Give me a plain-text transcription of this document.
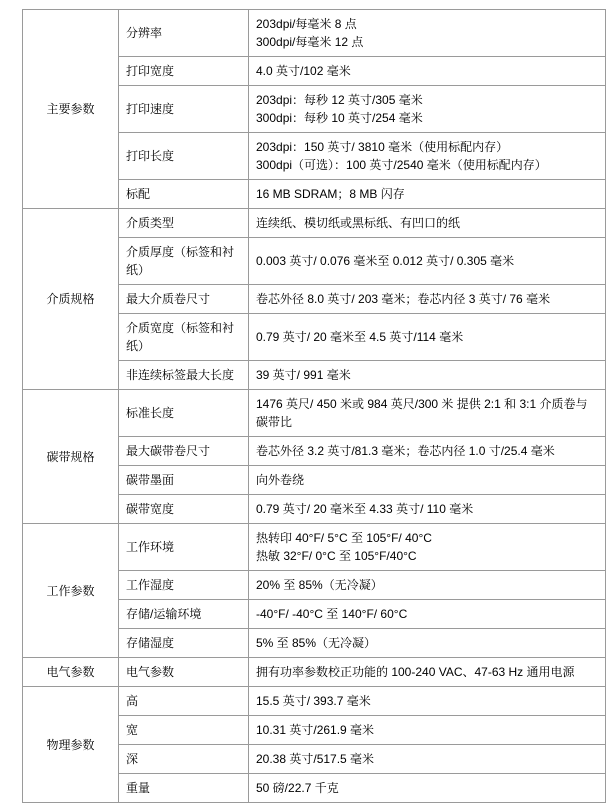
主要参数	分辨率	203dpi/每毫米 8 点
300dpi/每毫米 12 点

	打印宽度	4.0 英寸/102 毫米

	打印速度	203dpi：每秒 12 英寸/305 毫米
300dpi：每秒 10 英寸/254 毫米

	打印长度	203dpi：150 英寸/ 3810 毫米（使用标配内存）
300dpi（可选）：100 英寸/2540 毫米（使用标配内存）

	标配	16 MB SDRAM；8 MB 闪存

介质规格	介质类型	连续纸、模切纸或黑标纸、有凹口的纸

	介质厚度（标签和衬纸）	0.003 英寸/ 0.076 毫米至 0.012 英寸/ 0.305 毫米

	最大介质卷尺寸	卷芯外径 8.0 英寸/ 203 毫米；卷芯内径 3 英寸/ 76 毫米

	介质宽度（标签和衬纸）	0.79 英寸/ 20 毫米至 4.5 英寸/114 毫米

	非连续标签最大长度	39 英寸/ 991 毫米

碳带规格	标准长度	1476 英尺/ 450 米或 984 英尺/300 米 提供 2:1 和 3:1 介质卷与碳带比

	最大碳带卷尺寸	卷芯外径 3.2 英寸/81.3 毫米；卷芯内径 1.0 寸/25.4 毫米

	碳带墨面	向外卷绕

	碳带宽度	0.79 英寸/ 20 毫米至 4.33 英寸/ 110 毫米

工作参数	工作环境	热转印 40°F/ 5°C 至 105°F/ 40°C
热敏 32°F/ 0°C 至 105°F/40°C

	工作湿度	20% 至 85%（无冷凝）

	存储/运输环境	-40°F/ -40°C 至 140°F/ 60°C

	存储湿度	5% 至 85%（无冷凝）

电气参数	电气参数	拥有功率参数校正功能的 100-240 VAC、47-63 Hz 通用电源

物理参数	高	15.5 英寸/ 393.7 毫米

	宽	10.31 英寸/261.9 毫米

	深	20.38 英寸/517.5 毫米

	重量	50 磅/22.7 千克
